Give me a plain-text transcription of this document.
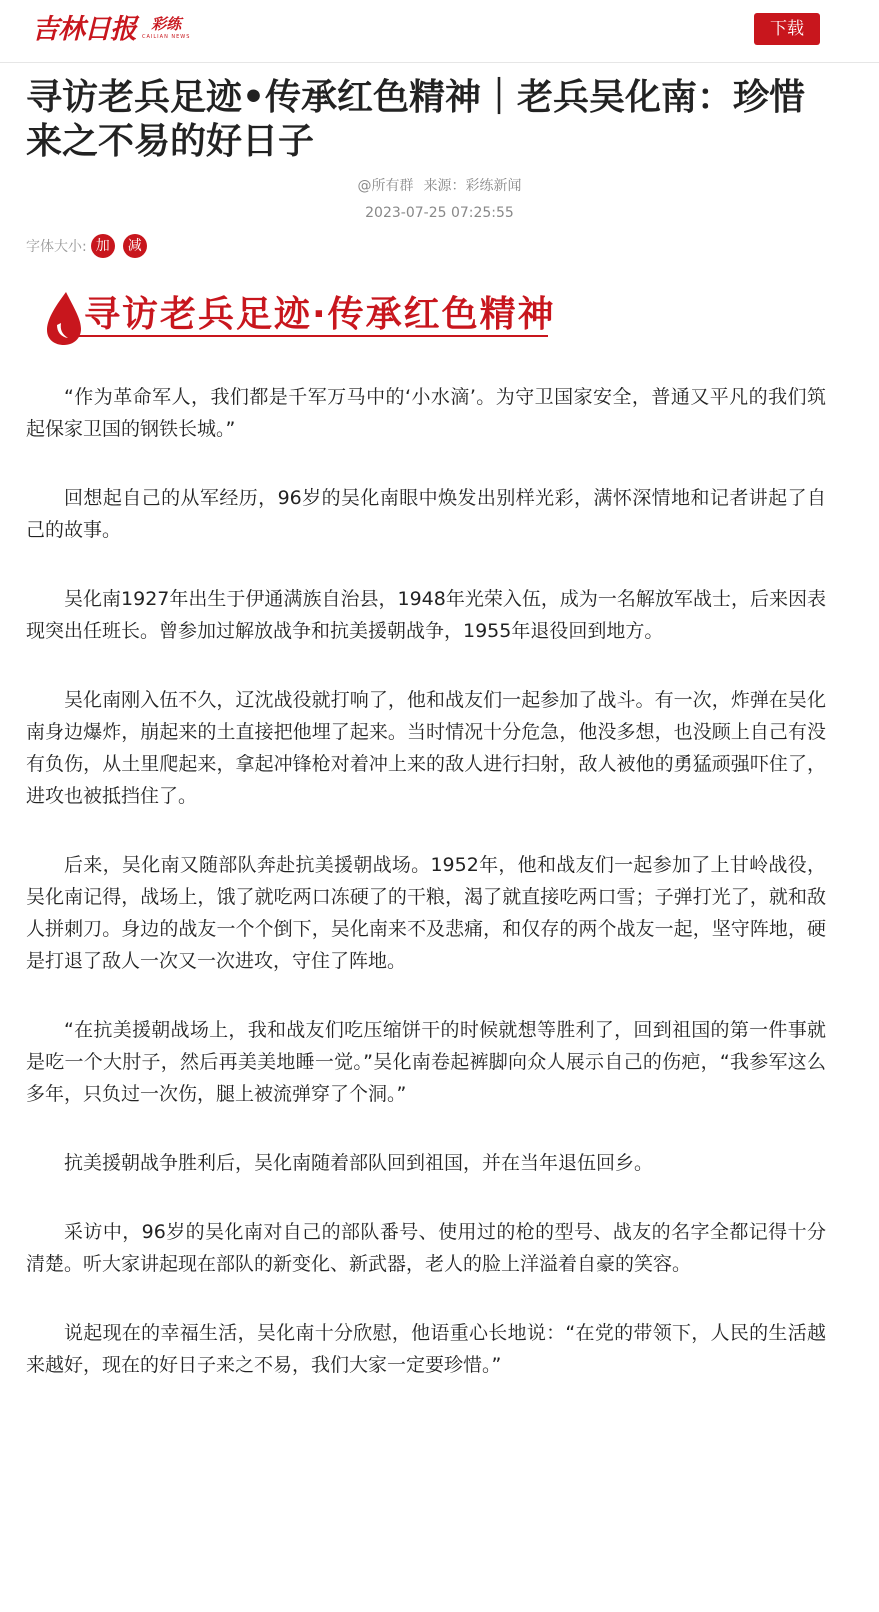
吉林日报 彩练
CAILIAN NEWS	下载
寻访老兵足迹•传承红色精神｜老兵吴化南：珍惜来之不易的好日子
@所有群 来源：彩练新闻
2023-07-25 07:25:55
字体大小: 加	减
寻访老兵足迹·传承红色精神

“作为革命军人，我们都是千军万马中的‘小水滴’。为守卫国家安全，普通又平凡的我们筑起保家卫国的钢铁长城。”

回想起自己的从军经历，96岁的吴化南眼中焕发出别样光彩，满怀深情地和记者讲起了自己的故事。

吴化南1927年出生于伊通满族自治县，1948年光荣入伍，成为一名解放军战士，后来因表现突出任班长。曾参加过解放战争和抗美援朝战争，1955年退役回到地方。

吴化南刚入伍不久，辽沈战役就打响了，他和战友们一起参加了战斗。有一次，炸弹在吴化南身边爆炸，崩起来的土直接把他埋了起来。当时情况十分危急，他没多想，也没顾上自己有没有负伤，从土里爬起来，拿起冲锋枪对着冲上来的敌人进行扫射，敌人被他的勇猛顽强吓住了，进攻也被抵挡住了。

后来，吴化南又随部队奔赴抗美援朝战场。1952年，他和战友们一起参加了上甘岭战役，吴化南记得，战场上，饿了就吃两口冻硬了的干粮，渴了就直接吃两口雪；子弹打光了，就和敌人拼刺刀。身边的战友一个个倒下，吴化南来不及悲痛，和仅存的两个战友一起，坚守阵地，硬是打退了敌人一次又一次进攻，守住了阵地。

“在抗美援朝战场上，我和战友们吃压缩饼干的时候就想等胜利了，回到祖国的第一件事就是吃一个大肘子，然后再美美地睡一觉。”吴化南卷起裤脚向众人展示自己的伤疤，“我参军这么多年，只负过一次伤，腿上被流弹穿了个洞。”

抗美援朝战争胜利后，吴化南随着部队回到祖国，并在当年退伍回乡。

采访中，96岁的吴化南对自己的部队番号、使用过的枪的型号、战友的名字全都记得十分清楚。听大家讲起现在部队的新变化、新武器，老人的脸上洋溢着自豪的笑容。

说起现在的幸福生活，吴化南十分欣慰，他语重心长地说：“在党的带领下，人民的生活越来越好，现在的好日子来之不易，我们大家一定要珍惜。”
